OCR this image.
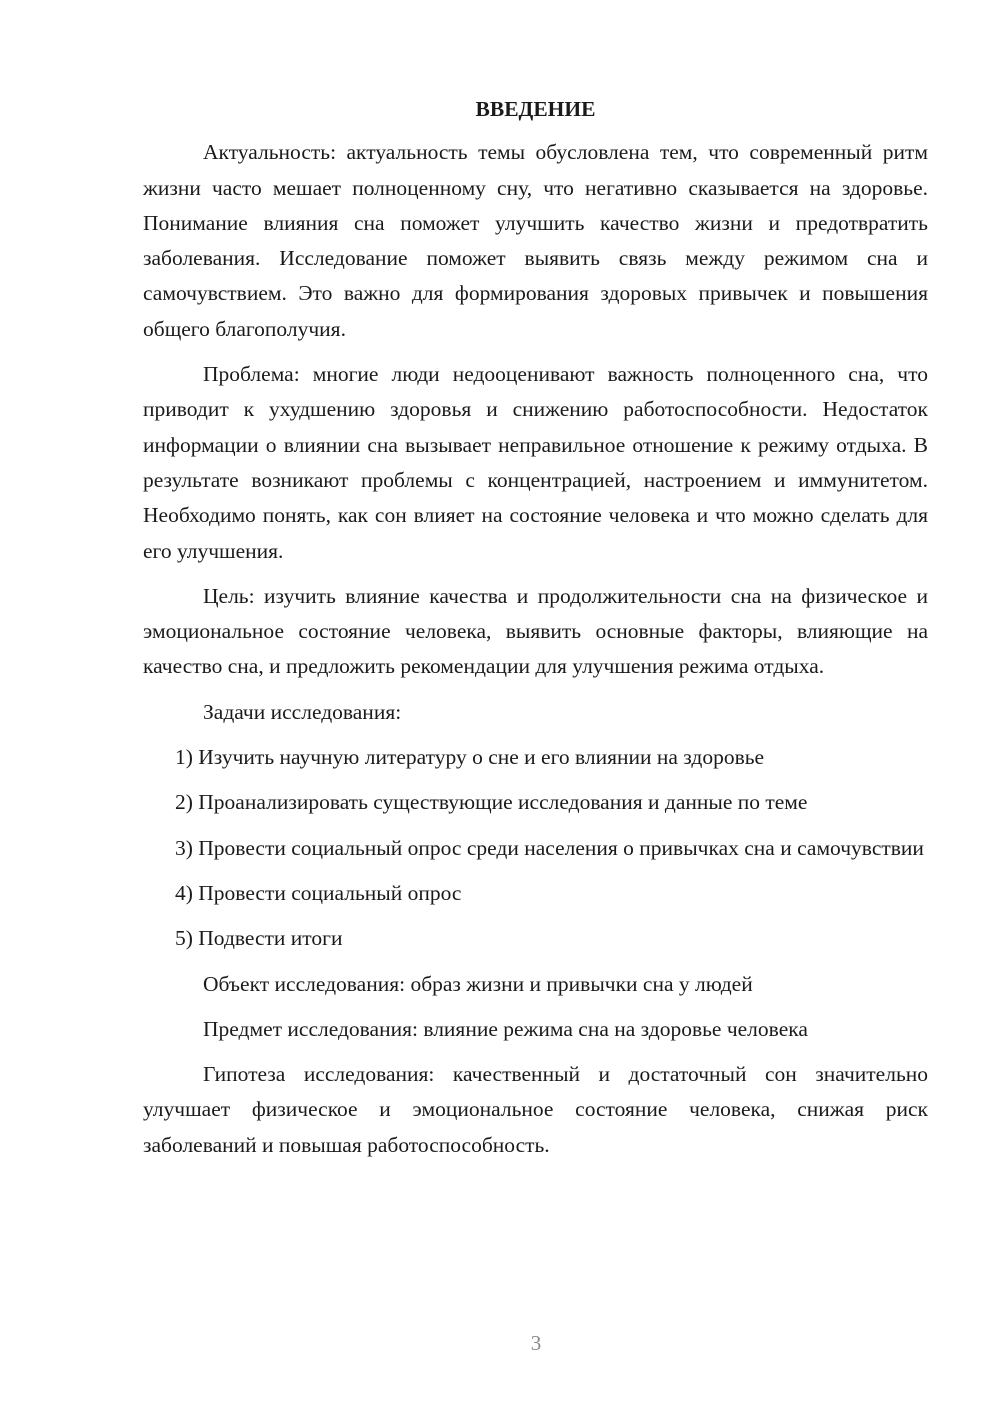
ВВЕДЕНИЕ

Актуальность: актуальность темы обусловлена тем, что современный ритм жизни часто мешает полноценному сну, что негативно сказывается на здоровье. Понимание влияния сна поможет улучшить качество жизни и предотвратить заболевания. Исследование поможет выявить связь между режимом сна и самочувствием. Это важно для формирования здоровых привычек и повышения общего благополучия.

Проблема: многие люди недооценивают важность полноценного сна, что приводит к ухудшению здоровья и снижению работоспособности. Недостаток информации о влиянии сна вызывает неправильное отношение к режиму отдыха. В результате возникают проблемы с концентрацией, настроением и иммунитетом. Необходимо понять, как сон влияет на состояние человека и что можно сделать для его улучшения.

Цель: изучить влияние качества и продолжительности сна на физическое и эмоциональное состояние человека, выявить основные факторы, влияющие на качество сна, и предложить рекомендации для улучшения режима отдыха.

Задачи исследования:

1) Изучить научную литературу о сне и его влиянии на здоровье

2) Проанализировать существующие исследования и данные по теме

3) Провести социальный опрос среди населения о привычках сна и самочувствии

4) Провести социальный опрос

5) Подвести итоги

Объект исследования: образ жизни и привычки сна у людей

Предмет исследования: влияние режима сна на здоровье человека

Гипотеза исследования: качественный и достаточный сон значительно улучшает физическое и эмоциональное состояние человека, снижая риск заболеваний и повышая работоспособность.

3
